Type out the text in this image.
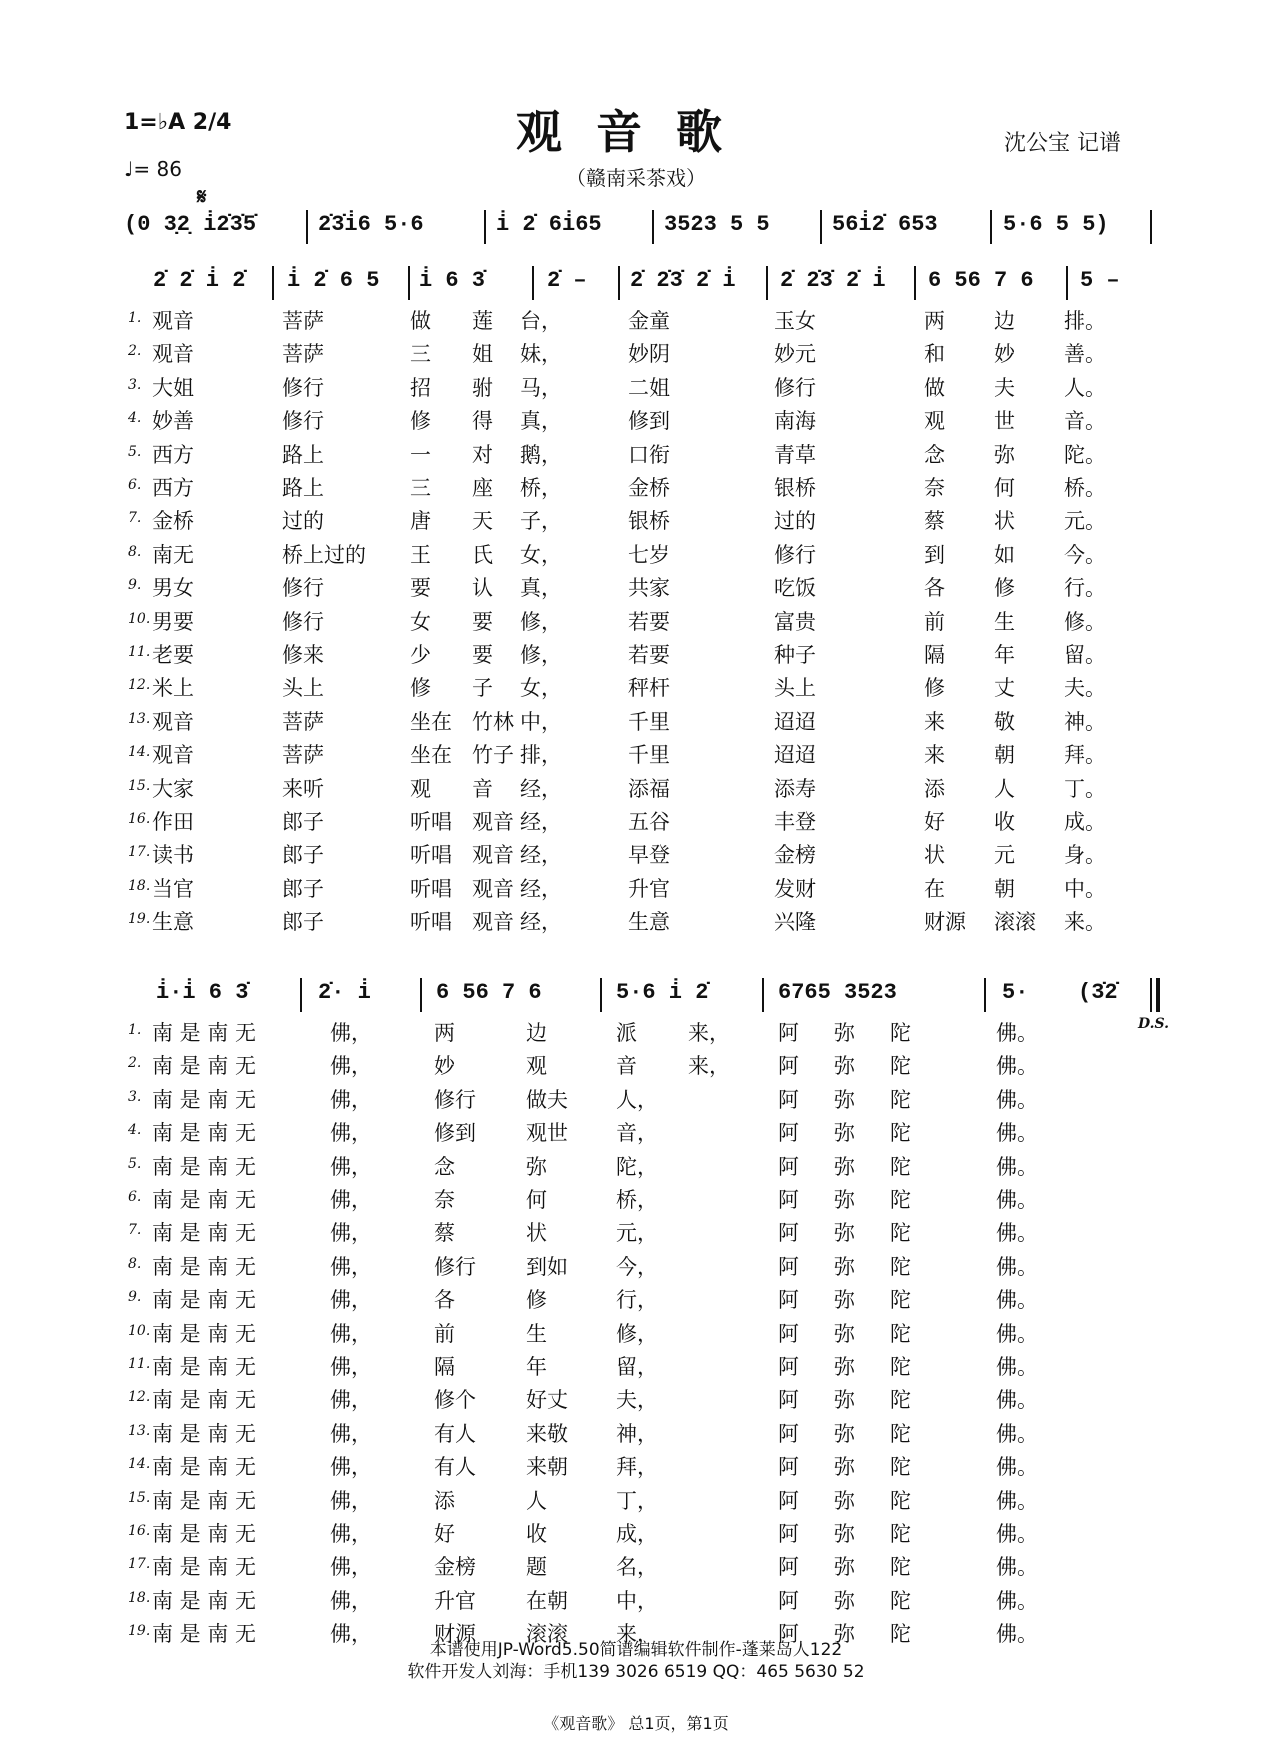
观音歌
（赣南采茶戏）
1=♭A 2/4
♩= 86
沈公宝 记谱
𝄋
(0 3̣2̣ i̇2̇3̇5̇	2̇3̇i̇6 5·6	i̇ 2̇ 6i̇65	3523 5 5	56i̇2̇ 653	5·6 5 5)
2̇ 2̇ i̇ 2̇ i̇ 2̇ 6 5 i̇ 6 3̇	2̇ – 2̇ 2̇3̇ 2̇ i̇ 2̇ 2̇3̇ 2̇ i̇ 6 56 7 6 5 –
1. 观音	菩萨	做 莲 台，	金童	玉女	两 边 排。
2. 观音	菩萨	三 姐 妹，	妙阴	妙元	和 妙 善。
3. 大姐	修行	招 驸 马，	二姐	修行	做 夫 人。
4. 妙善	修行	修 得 真，	修到	南海	观 世 音。
5. 西方	路上	一 对 鹅，	口衔	青草	念 弥 陀。
6. 西方	路上	三 座 桥，	金桥	银桥	奈 何 桥。
7. 金桥	过的	唐 天 子，	银桥	过的	蔡 状 元。
8. 南无	桥上过的 王 氏 女，	七岁	修行	到 如 今。
9. 男女	修行	要 认 真，	共家	吃饭	各 修 行。
10. 男要	修行	女 要 修，	若要	富贵	前 生 修。
11. 老要	修来	少 要 修，	若要	种子	隔 年 留。
12. 米上	头上	修 子 女，	秤杆	头上	修 丈 夫。
13. 观音	菩萨	坐在 竹林 中，	千里	迢迢	来 敬 神。
14. 观音	菩萨	坐在 竹子 排，	千里	迢迢	来 朝 拜。
15. 大家	来听	观 音 经，	添福	添寿	添 人 丁。
16. 作田	郎子	听唱 观音 经，	五谷	丰登	好 收 成。
17. 读书	郎子	听唱 观音 经，	早登	金榜	状 元 身。
18. 当官	郎子	听唱 观音 经，	升官	发财	在 朝 中。
19. 生意	郎子	听唱 观音 经，	生意	兴隆	财源 滚滚 来。
i̇·i̇ 6 3̇	2̇· i̇	6 56 7 6	5·6 i̇ 2̇	6765 3523	5· (3̇2̇
D.S.
1. 南 是 南 无	佛，	两	边	派 来， 阿 弥 陀	佛。
2. 南 是 南 无	佛，	妙	观	音 来， 阿 弥 陀	佛。
3. 南 是 南 无	佛，	修行 做夫 人，	阿 弥 陀	佛。
4. 南 是 南 无	佛，	修到 观世 音，	阿 弥 陀	佛。
5. 南 是 南 无	佛，	念	弥	陀，	阿 弥 陀	佛。
6. 南 是 南 无	佛，	奈	何	桥，	阿 弥 陀	佛。
7. 南 是 南 无	佛，	蔡	状	元，	阿 弥 陀	佛。
8. 南 是 南 无	佛，	修行 到如 今，	阿 弥 陀	佛。
9. 南 是 南 无	佛，	各	修	行，	阿 弥 陀	佛。
10. 南 是 南 无	佛，	前	生	修，	阿 弥 陀	佛。
11. 南 是 南 无	佛，	隔	年	留，	阿 弥 陀	佛。
12. 南 是 南 无	佛，	修个 好丈 夫，	阿 弥 陀	佛。
13. 南 是 南 无	佛，	有人 来敬 神，	阿 弥 陀	佛。
14. 南 是 南 无	佛，	有人 来朝 拜，	阿 弥 陀	佛。
15. 南 是 南 无	佛，	添	人	丁，	阿 弥 陀	佛。
16. 南 是 南 无	佛，	好	收	成，	阿 弥 陀	佛。
17. 南 是 南 无	佛，	金榜 题	名，	阿 弥 陀	佛。
18. 南 是 南 无	佛，	升官 在朝 中，	阿 弥 陀	佛。
19. 南 是 南 无	佛，	财源 滚滚 来，	阿 弥 陀	佛。
本谱使用JP-Word5.50简谱编辑软件制作-蓬莱岛人122
软件开发人刘海：手机139 3026 6519 QQ：465 5630 52
《观音歌》 总1页，第1页
